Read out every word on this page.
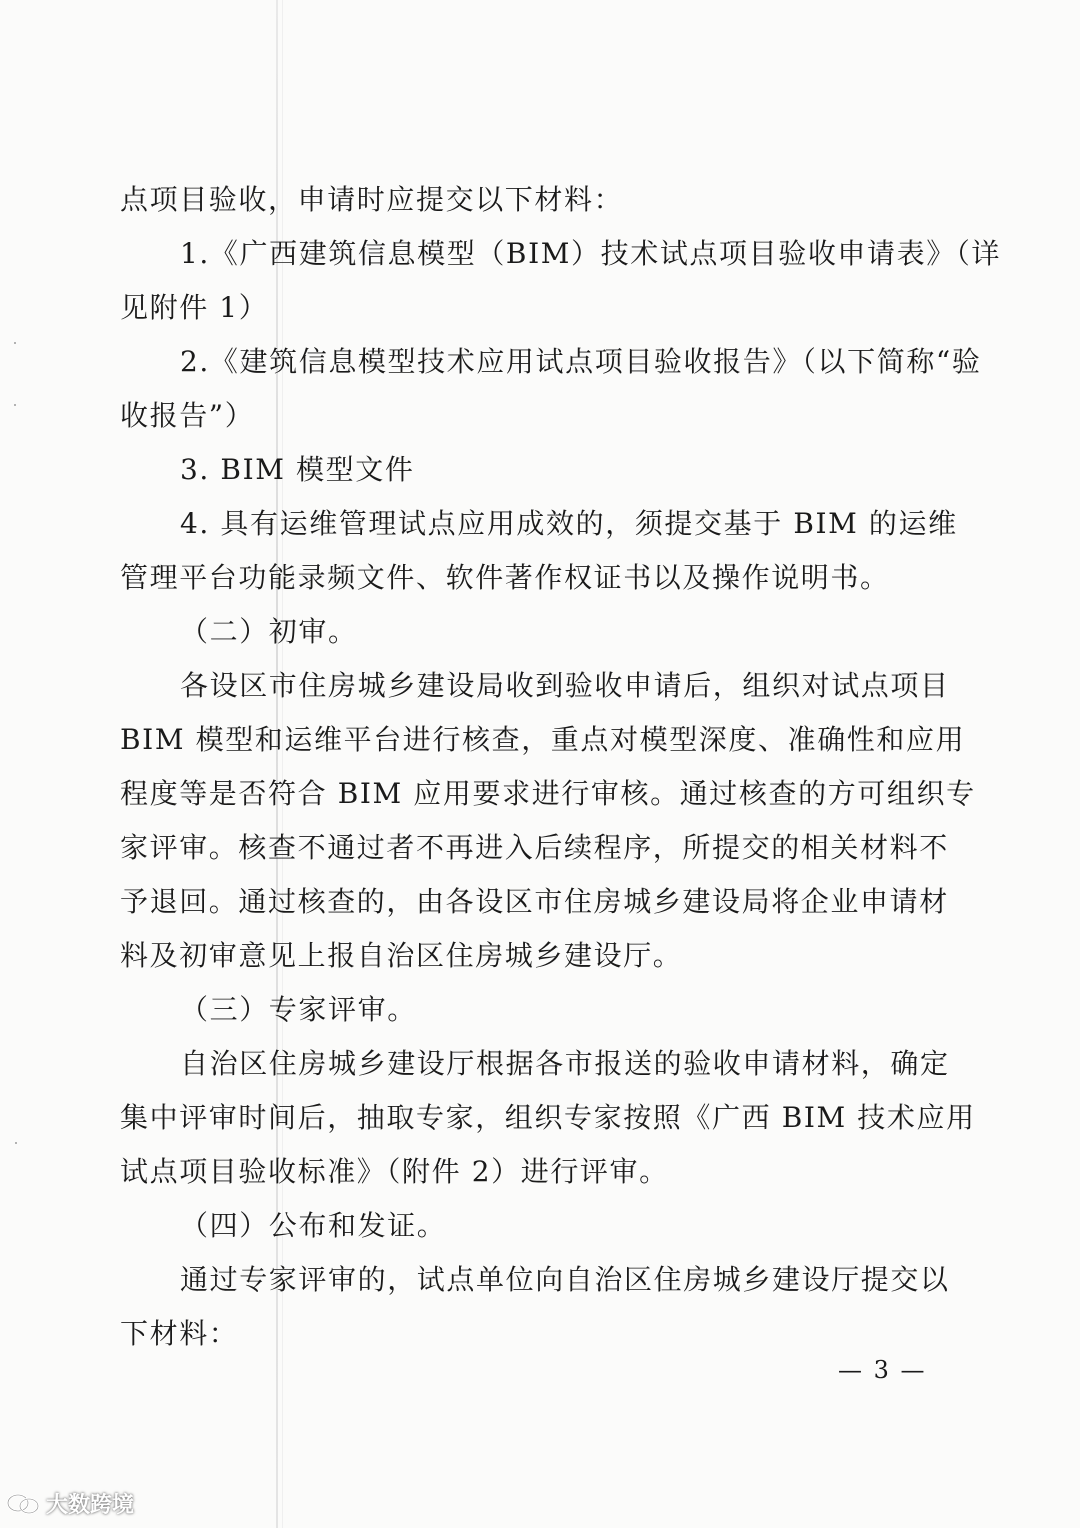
点项目验收，申请时应提交以下材料：

1.《广西建筑信息模型（BIM）技术试点项目验收申请表》（详

见附件 1）

2.《建筑信息模型技术应用试点项目验收报告》（以下简称“验

收报告”）

3. BIM 模型文件

4. 具有运维管理试点应用成效的，须提交基于 BIM 的运维

管理平台功能录频文件、软件著作权证书以及操作说明书。

（二）初审。

各设区市住房城乡建设局收到验收申请后，组织对试点项目

BIM 模型和运维平台进行核查，重点对模型深度、准确性和应用

程度等是否符合 BIM 应用要求进行审核。通过核查的方可组织专

家评审。核查不通过者不再进入后续程序，所提交的相关材料不

予退回。通过核查的，由各设区市住房城乡建设局将企业申请材

料及初审意见上报自治区住房城乡建设厅。

（三）专家评审。

自治区住房城乡建设厅根据各市报送的验收申请材料，确定

集中评审时间后，抽取专家，组织专家按照《广西 BIM 技术应用

试点项目验收标准》（附件 2）进行评审。

（四）公布和发证。

通过专家评审的，试点单位向自治区住房城乡建设厅提交以

下材料：

— 3 —

大数跨境
